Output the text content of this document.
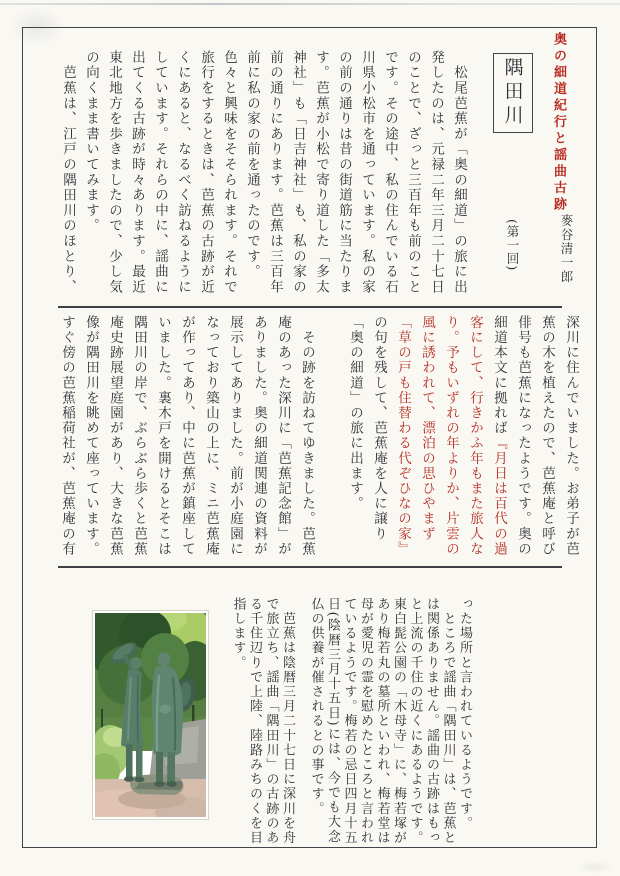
奥の細道紀行と謡曲古跡
隅田川
麥谷清一郎
(第一回)

　松尾芭蕉が「奥の細道」の旅に出発したのは、元禄二年三月二十七日のことで、ざっと三百年も前のことです。その途中、私の住んでいる石川県小松市を通っています。私の家の前の通りは昔の街道筋に当たります。芭蕉が小松で寄り道した「多太神社」も「日吉神社」も、私の家の前の通りにあります。芭蕉は三百年前に私の家の前を通ったのです。色々と興味をそそられます。それで旅行をするときは、芭蕉の古跡が近くにあると、なるべく訪ねるようにしています。それらの中に、謡曲に出てくる古跡が時々あります。最近東北地方を歩きましたので、少し気の向くまま書いてみます。

　芭蕉は、江戸の隅田川のほとり、

深川に住んでいました。お弟子が芭蕉の木を植えたので、芭蕉庵と呼び俳号も芭蕉になったようです。奥の細道本文に拠れば『月日は百代の過客にして、行きかふ年もまた旅人なり。予もいずれの年よりか、片雲の風に誘われて、漂泊の思ひやまず「草の戸も住替わる代ぞひなの家』の句を残して、芭蕉庵を人に譲り「奥の細道」の旅に出ます。

　その跡を訪ねてゆきました。芭蕉庵のあった深川に「芭蕉記念館」がありました。奥の細道関連の資料が展示してありました。前が小庭園になっており築山の上に、ミニ芭蕉庵が作ってあり、中に芭蕉が鎮座していました。裏木戸を開けるとそこは隅田川の岸で、ぶらぶら歩くと芭蕉庵史跡展望庭園があり、大きな芭蕉像が隅田川を眺めて座っています。すぐ傍の芭蕉稲荷社が、芭蕉庵の有

った場所と言われているようです。

　ところで謡曲「隅田川」は、芭蕉とは関係ありません。謡曲の古跡はもっと上流の千住の近くにあるようです。東白髭公園の「木母寺」に、梅若塚があり梅若丸の墓所といわれ、梅若堂は母が愛児の霊を慰めたところと言われているようです。梅若の忌日四月十五日(陰暦三月十五日)には、今でも大念仏の供養が催されるとの事です。

　芭蕉は陰暦三月二十七日に深川を舟で旅立ち、謡曲「隅田川」の古跡のある千住辺りで上陸、陸路みちのくを目指します。
